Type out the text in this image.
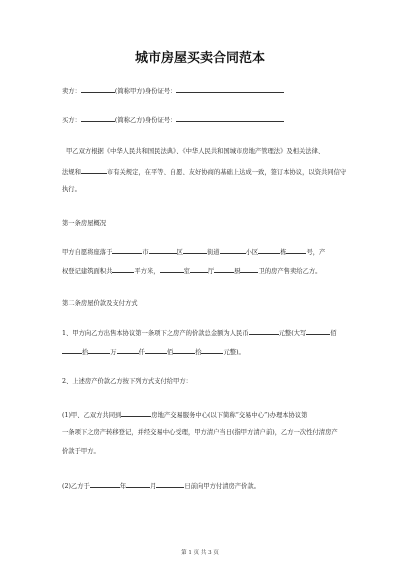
城市房屋买卖合同范本
卖方：	(简称甲方)身份证号：
买方：	(简称乙方)身份证号：
甲乙双方根据《中华人民共和国民法典》、《中华人民共和国城市房地产管理法》及相关法律、
法规和	市有关规定，在平等、自愿、友好协商的基础上达成一致，签订本协议，以资共同信守
执行。
第一条房屋概况
甲方自愿将座落于	市	区	街道	小区	栋	号，产
权登记建筑面积共	平方米，	室	厅	厨	卫的房产售卖给乙方。
第二条房屋价款及支付方式
1、甲方向乙方出售本协议第一条项下之房产的价款总金额为人民币	元整(大写	佰
拾	万	仟	佰	拾	元整)。
2、上述房产价款乙方按下列方式支付给甲方：
(1)甲、乙双方共同到	房地产交易服务中心(以下简称“交易中心”)办理本协议第
一条项下之房产转移登记，并经交易中心受理，甲方清户当日(指甲方清户前)，乙方一次性付清房产
价款于甲方。
(2)乙方于	年	月	日前向甲方付清房产价款。
第 1 页 共 3 页
